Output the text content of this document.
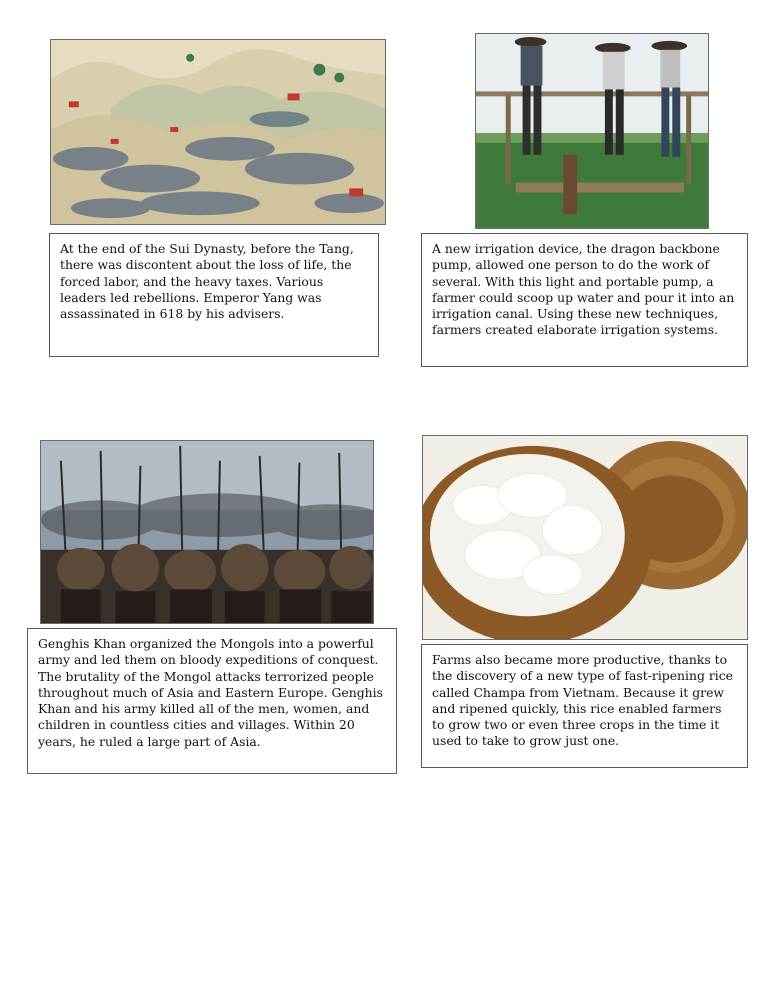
At the end of the Sui Dynasty, before the Tang, there was discontent about the loss of life, the forced labor, and the heavy taxes. Various leaders led rebellions. Emperor Yang was assassinated in 618 by his advisers.

A new irrigation device, the dragon backbone pump, allowed one person to do the work of several. With this light and portable pump, a farmer could scoop up water and pour it into an irrigation canal. Using these new techniques, farmers created elaborate irrigation systems.

Genghis Khan organized the Mongols into a powerful army and led them on bloody expeditions of conquest. The brutality of the Mongol attacks terrorized people throughout much of Asia and Eastern Europe. Genghis Khan and his army killed all of the men, women, and children in countless cities and villages. Within 20 years, he ruled a large part of Asia.

Farms also became more productive, thanks to the discovery of a new type of fast-ripening rice called Champa from Vietnam. Because it grew and ripened quickly, this rice enabled farmers to grow two or even three crops in the time it used to take to grow just one.
